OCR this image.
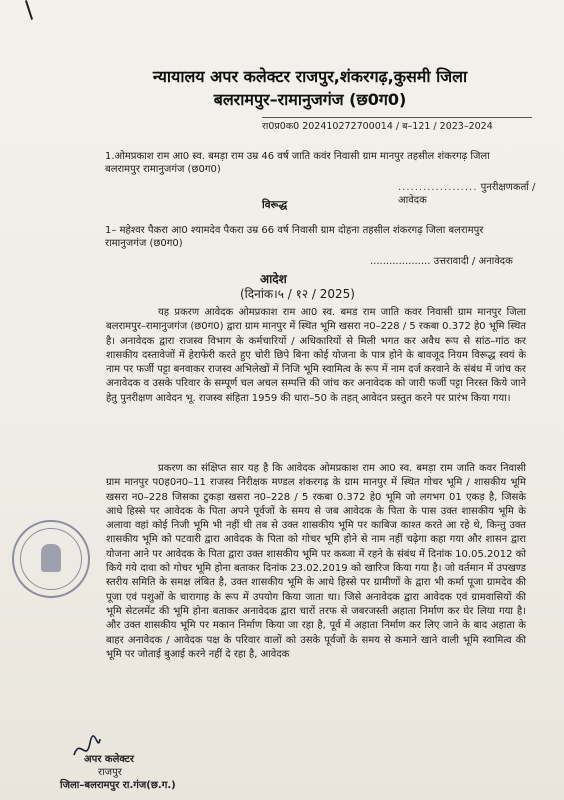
न्यायालय अपर कलेक्टर राजपुर,शंकरगढ़,कुसमी जिला
बलरामपुर–रामानुजगंज (छ0ग0)
रा0प्र0क0 202410272700014 / ब–121 / 2023–2024
1.ओमप्रकाश राम आ0 स्व. बमड़ा राम उम्र 46 वर्ष जाति कवंर निवासी ग्राम मानपुर तहसील शंकरगढ़ जिला बलरामपुर रामानुजगंज (छ0ग0)
................... पुनरीक्षणकर्ता / आवेदक
विरूद्ध
1– महेश्वर पैकरा आ0 श्यामदेव पैकरा उम्र 66 वर्ष निवासी ग्राम दोहना तहसील शंकरगढ़ जिला बलरामपुर रामानुजगंज (छ0ग0)
................... उत्तरावादी / अनावेदक
आदेश
(दिनांक।५ / १२ / 2025)
यह प्रकरण आवेदक ओमप्रकाश राम आ0 स्व. बमड राम जाति कवर निवासी ग्राम मानपुर जिला बलरामपुर–रामानुजगंज (छ0ग0) द्वारा ग्राम मानपुर में स्थित भूमि खसरा न0–228 / 5 रकबा 0.372 हे0 भूमि स्थित है। अनावेदक द्वारा राजस्व विभाग के कर्मचारियों / अधिकारियों से मिली भगत कर अवैध रूप से सांठ–गांठ कर शासकीय दस्तावेजों में हेराफेरी करते हुए चोरी छिपे बिना कोई योजना के पात्र होने के बावजूद नियम विरूद्ध स्वयं के नाम पर फर्जी पट्टा बनवाकर राजस्व अभिलेखों में निजि भूमि स्वामित्व के रूप में नाम दर्ज करवाने के संबंध में जांच कर अनावेदक व उसके परिवार के सम्पूर्ण चल अचल सम्पत्ति की जांच कर अनावेदक को जारी फर्जी पट्टा निरस्त किये जाने हेतु पुनरीक्षण आवेदन भू. राजस्व संहिता 1959 की धारा–50 के तहत् आवेदन प्रस्तुत करने पर प्रारंभ किया गया।
प्रकरण का संक्षिप्त सार यह है कि आवेदक ओमप्रकाश राम आ0 स्व. बमड़ा राम जाति कवर निवासी ग्राम मानपुर प0ह0न0–11 राजस्व निरीक्षक मण्डल शंकरगढ़ के ग्राम मानपुर में स्थित गोचर भूमि / शासकीय भूमि खसरा न0–228 जिसका टुकड़ा खसरा न0–228 / 5 रकबा 0.372 हे0 भूमि जो लगभग 01 एकड़ है, जिसके आधे हिस्से पर आवेदक के पिता अपने पूर्वजों के समय से जब आवेदक के पिता के पास उक्त शासकीय भूमि के अलावा वहां कोई निजी भूमि भी नहीं थी तब से उक्त शासकीय भूमि पर काबिज काश्त करते आ रहे थे, किन्तु उक्त शासकीय भूमि को पटवारी द्वारा आवेदक के पिता को गोचर भूमि होने से नाम नहीं चढ़ेगा कहा गया और शासन द्वारा योजना आने पर आवेदक के पिता द्वारा उक्त शासकीय भूमि पर कब्जा में रहने के संबंध में दिनांक 10.05.2012 को किये गये दावा को गोचर भूमि होना बताकर दिनांक 23.02.2019 को खारिज किया गया है। जो वर्तमान में उपखण्ड स्तरीय समिति के समक्ष लंबित है, उक्त शासकीय भूमि के आधे हिस्से पर ग्रामीणों के द्वारा भी कर्मा पूजा ग्रामदेव की पूजा एवं पशुओं के चारागाह के रूप में उपयोग किया जाता था। जिसे अनावेदक द्वारा आवेदक एवं ग्रामवासियों की भूमि सेटलमेंट की भूमि होना बताकर अनावेदक द्वारा चारों तरफ से जबरजस्ती अहाता निर्माण कर घेर लिया गया है। और उक्त शासकीय भूमि पर मकान निर्माण किया जा रहा है, पूर्व में अहाता निर्माण कर लिए जाने के बाद अहाता के बाहर अनावेदक / आवेदक पक्ष के परिवार वालों को उसके पूर्वजों के समय से कमाने खाने वाली भूमि स्वामित्व की भूमि पर जोताई बुआई करने नहीं दे रहा है, आवेदक
अपर कलेक्टर
राजपुर
जिला–बलरामपुर रा.गंज(छ.ग.)
